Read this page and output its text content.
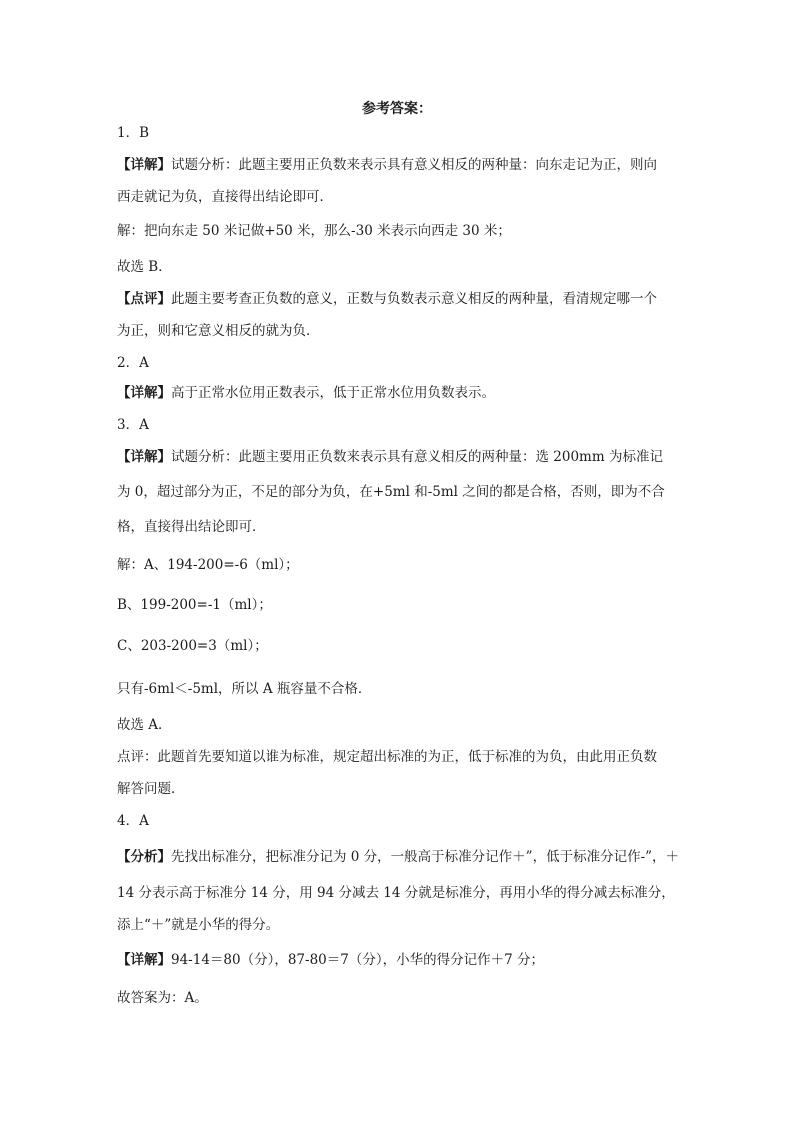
参考答案：
1．B
【详解】试题分析：此题主要用正负数来表示具有意义相反的两种量：向东走记为正，则向
西走就记为负，直接得出结论即可．
解：把向东走 50 米记做+50 米，那么-30 米表示向西走 30 米；
故选 B．
【点评】此题主要考查正负数的意义，正数与负数表示意义相反的两种量，看清规定哪一个
为正，则和它意义相反的就为负．
2．A
【详解】高于正常水位用正数表示，低于正常水位用负数表示。
3．A
【详解】试题分析：此题主要用正负数来表示具有意义相反的两种量：选 200mm 为标准记
为 0，超过部分为正，不足的部分为负，在+5ml 和-5ml 之间的都是合格，否则，即为不合
格，直接得出结论即可．
解：A、194-200=-6（ml）；
B、199-200=-1（ml）；
C、203-200=3（ml）；
只有-6ml＜-5ml，所以 A 瓶容量不合格．
故选 A．
点评：此题首先要知道以谁为标准，规定超出标准的为正，低于标准的为负，由此用正负数
解答问题．
4．A
【分析】先找出标准分，把标准分记为 0 分，一般高于标准分记作＋”，低于标准分记作-”，＋
14 分表示高于标准分 14 分，用 94 分减去 14 分就是标准分，再用小华的得分减去标准分，
添上“＋”就是小华的得分。
【详解】94-14＝80（分），87-80＝7（分），小华的得分记作＋7 分；
故答案为：A。
